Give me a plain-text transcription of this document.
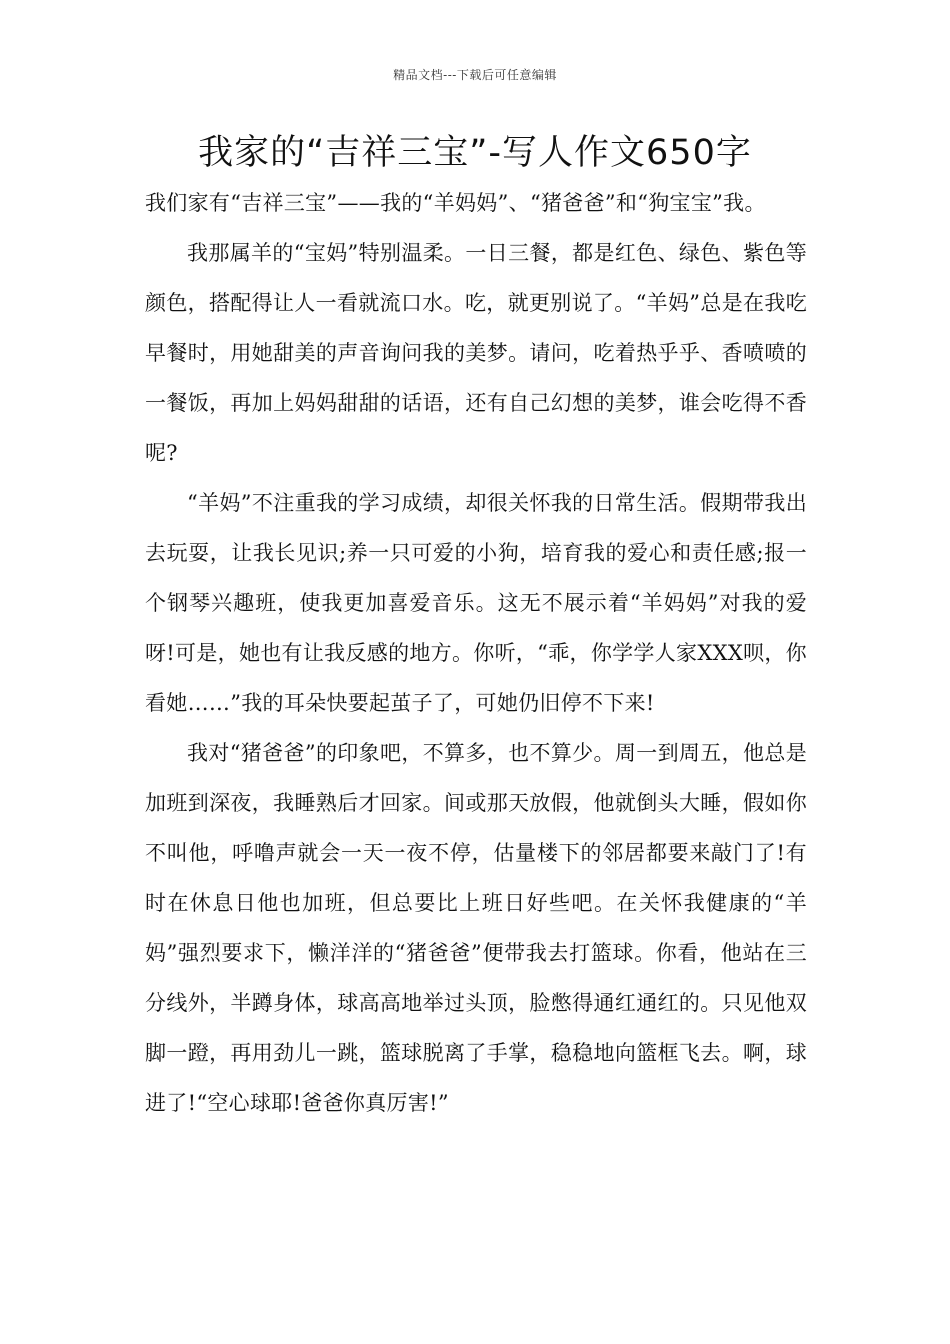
精品文档---下载后可任意编辑
我家的“吉祥三宝”-写人作文650字

我们家有“吉祥三宝”——我的“羊妈妈”、“猪爸爸”和“狗宝宝”我。

我那属羊的“宝妈”特别温柔。一日三餐，都是红色、绿色、紫色等颜色，搭配得让人一看就流口水。吃，就更别说了。“羊妈”总是在我吃早餐时，用她甜美的声音询问我的美梦。请问，吃着热乎乎、香喷喷的一餐饭，再加上妈妈甜甜的话语，还有自己幻想的美梦，谁会吃得不香呢?

“羊妈”不注重我的学习成绩，却很关怀我的日常生活。假期带我出去玩耍，让我长见识;养一只可爱的小狗，培育我的爱心和责任感;报一个钢琴兴趣班，使我更加喜爱音乐。这无不展示着“羊妈妈”对我的爱呀!可是，她也有让我反感的地方。你听，“乖，你学学人家XXX呗，你看她……”我的耳朵快要起茧子了，可她仍旧停不下来!

我对“猪爸爸”的印象吧，不算多，也不算少。周一到周五，他总是加班到深夜，我睡熟后才回家。间或那天放假，他就倒头大睡，假如你不叫他，呼噜声就会一天一夜不停，估量楼下的邻居都要来敲门了!有时在休息日他也加班，但总要比上班日好些吧。在关怀我健康的“羊妈”强烈要求下，懒洋洋的“猪爸爸”便带我去打篮球。你看，他站在三分线外，半蹲身体，球高高地举过头顶，脸憋得通红通红的。只见他双脚一蹬，再用劲儿一跳，篮球脱离了手掌，稳稳地向篮框飞去。啊，球进了!“空心球耶!爸爸你真厉害!”
